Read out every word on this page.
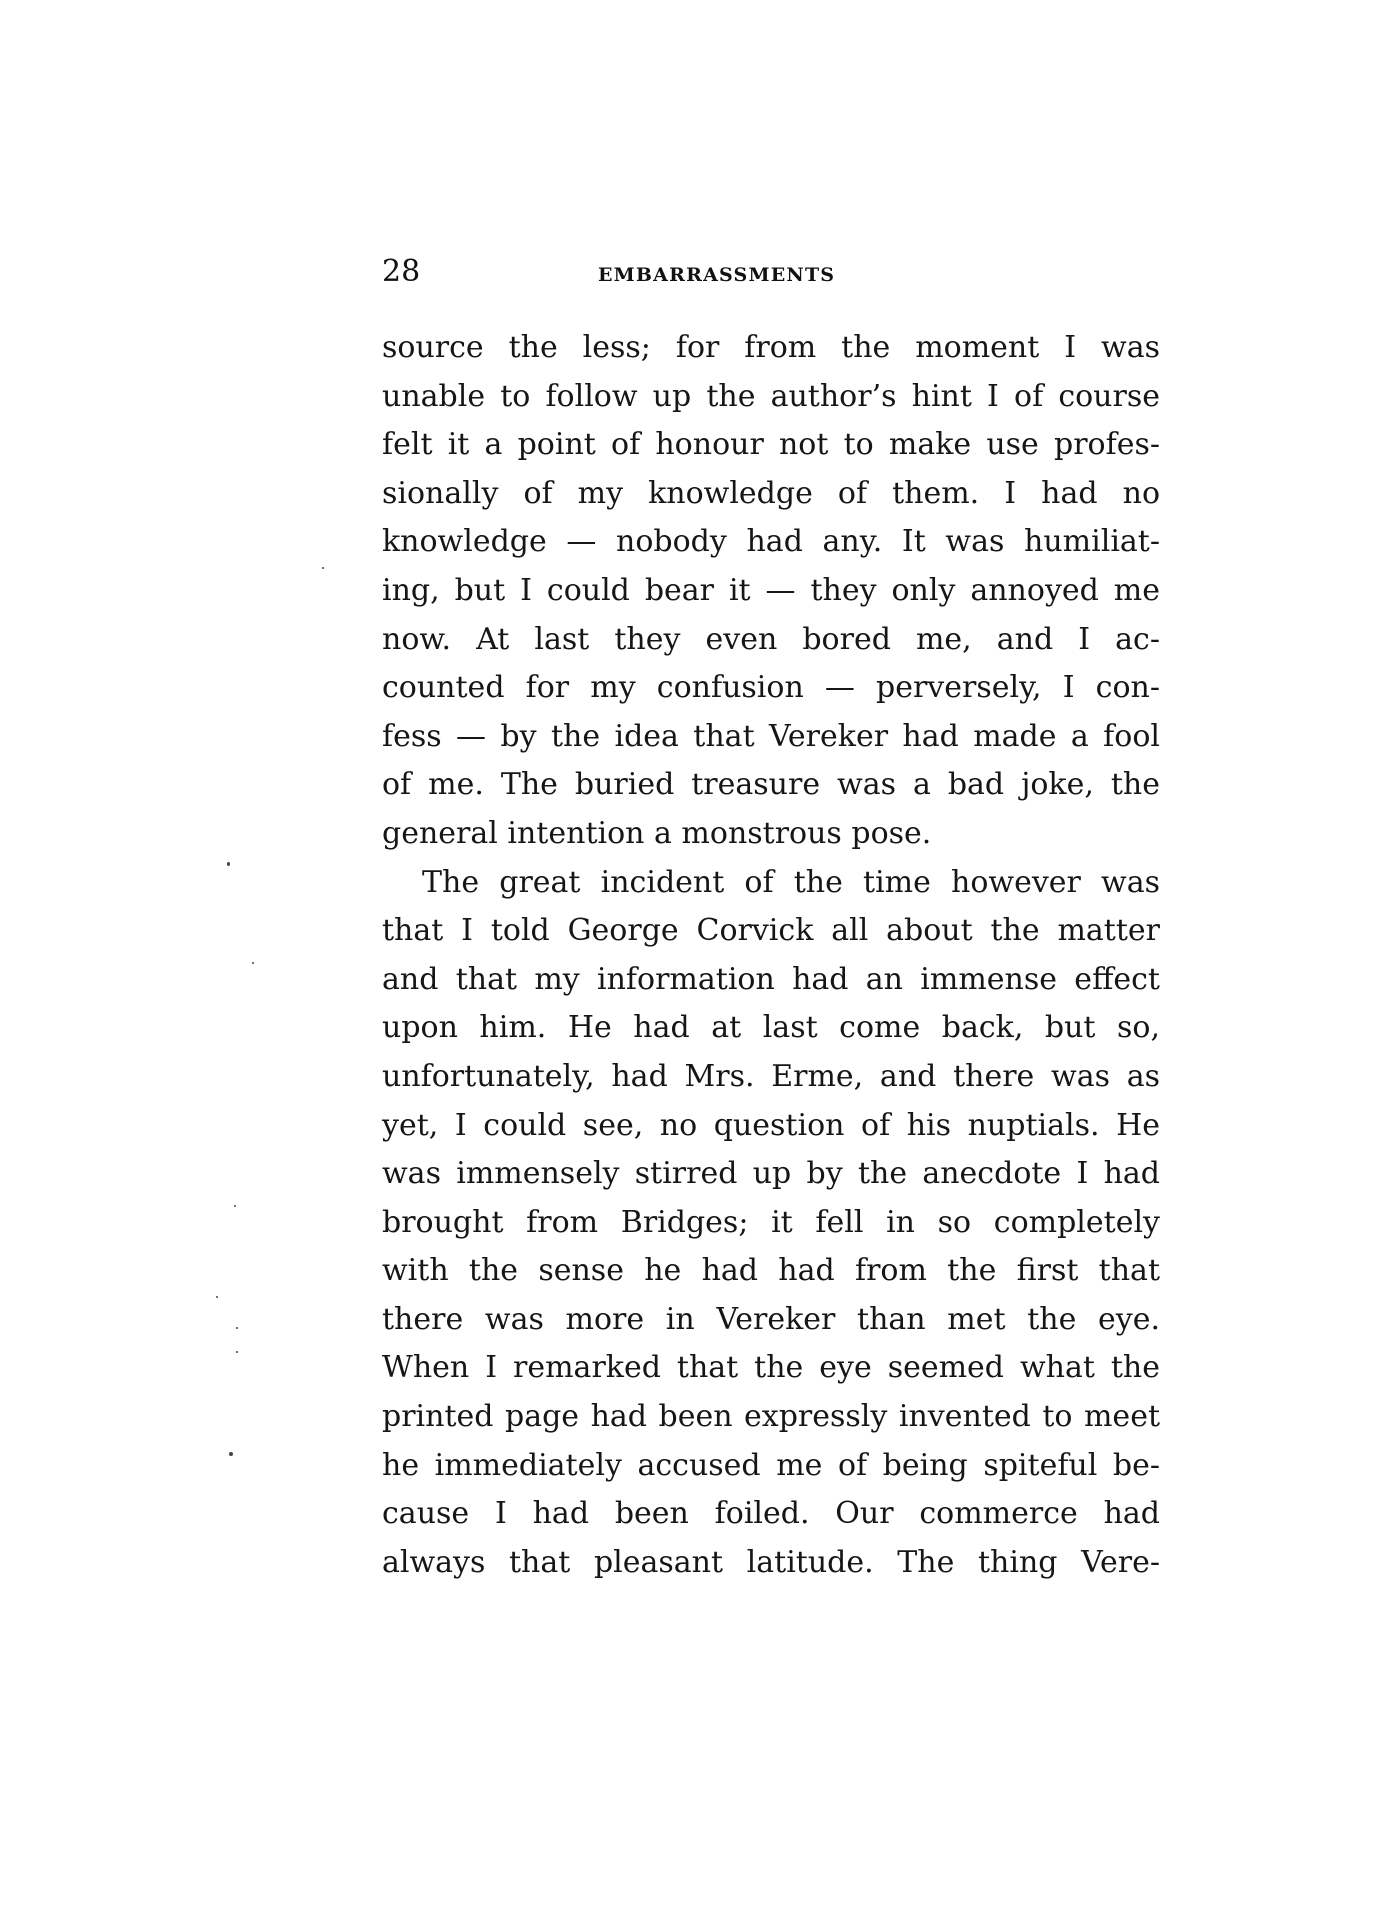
28	EMBARRASSMENTS
source the less; for from the moment I was
unable to follow up the author’s hint I of course
felt it a point of honour not to make use profes-
sionally of my knowledge of them. I had no
knowledge — nobody had any. It was humiliat-
ing, but I could bear it — they only annoyed me
now. At last they even bored me, and I ac-
counted for my confusion — perversely, I con-
fess — by the idea that Vereker had made a fool
of me. The buried treasure was a bad joke, the
general intention a monstrous pose.
The great incident of the time however was
that I told George Corvick all about the matter
and that my information had an immense effect
upon him. He had at last come back, but so,
unfortunately, had Mrs. Erme, and there was as
yet, I could see, no question of his nuptials. He
was immensely stirred up by the anecdote I had
brought from Bridges; it fell in so completely
with the sense he had had from the first that
there was more in Vereker than met the eye.
When I remarked that the eye seemed what the
printed page had been expressly invented to meet
he immediately accused me of being spiteful be-
cause I had been foiled. Our commerce had
always that pleasant latitude. The thing Vere-
